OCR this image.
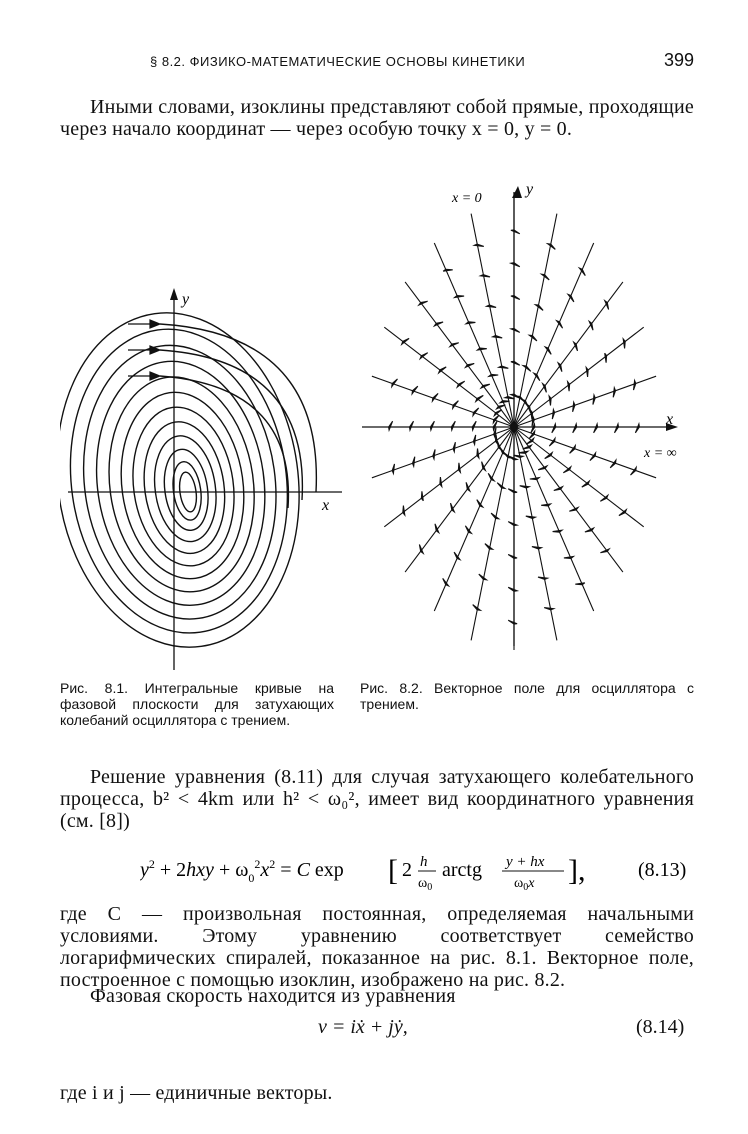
§ 8.2. ФИЗИКО-МАТЕМАТИЧЕСКИЕ ОСНОВЫ КИНЕТИКИ	399
Иными словами, изоклины представляют собой прямые, проходящие через начало координат — через особую точку x = 0, y = 0.
y
x
y
x = 0
x
x = ∞
Рис. 8.1. Интегральные кривые на фазовой плоскости для затухающих колебаний осциллятора с трением.
Рис. 8.2. Векторное поле для осциллятора с трением.
Решение уравнения (8.11) для случая затухающего колебательного процесса, b² < 4km или h² < ω₀², имеет вид координатного уравнения (см. [8])
$y^2 + 2hxy + \omega_0^2x^2 = C$ exp [ 2 h
$\omega_0$
arctg y + hx
$\omega_0x$ ],	(8.13)
где C — произвольная постоянная, определяемая начальными условиями. Этому уравнению соответствует семейство логарифмических спиралей, показанное на рис. 8.1. Векторное поле, построенное с помощью изоклин, изображено на рис. 8.2.
Фазовая скорость находится из уравнения
v = iẋ + jẏ,	(8.14)
где i и j — единичные векторы.
